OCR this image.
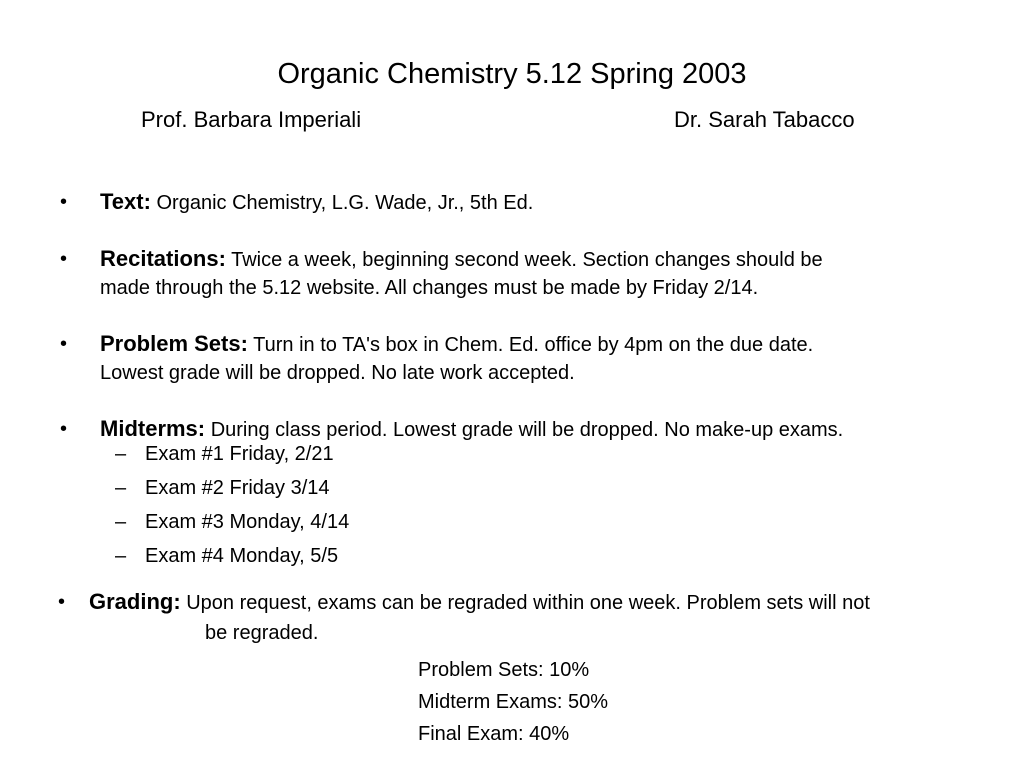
Organic Chemistry 5.12 Spring 2003
Prof. Barbara Imperiali	Dr. Sarah Tabacco
• Text: Organic Chemistry, L.G. Wade, Jr., 5th Ed.
• Recitations: Twice a week, beginning second week. Section changes should be
made through the 5.12 website. All changes must be made by Friday 2/14.
• Problem Sets: Turn in to TA's box in Chem. Ed. office by 4pm on the due date.
Lowest grade will be dropped. No late work accepted.
• Midterms: During class period. Lowest grade will be dropped. No make-up exams.
– Exam #1 Friday, 2/21
– Exam #2 Friday 3/14
– Exam #3 Monday, 4/14
– Exam #4 Monday, 5/5
• Grading: Upon request, exams can be regraded within one week. Problem sets will not
be regraded.
Problem Sets: 10%
Midterm Exams: 50%
Final Exam: 40%
